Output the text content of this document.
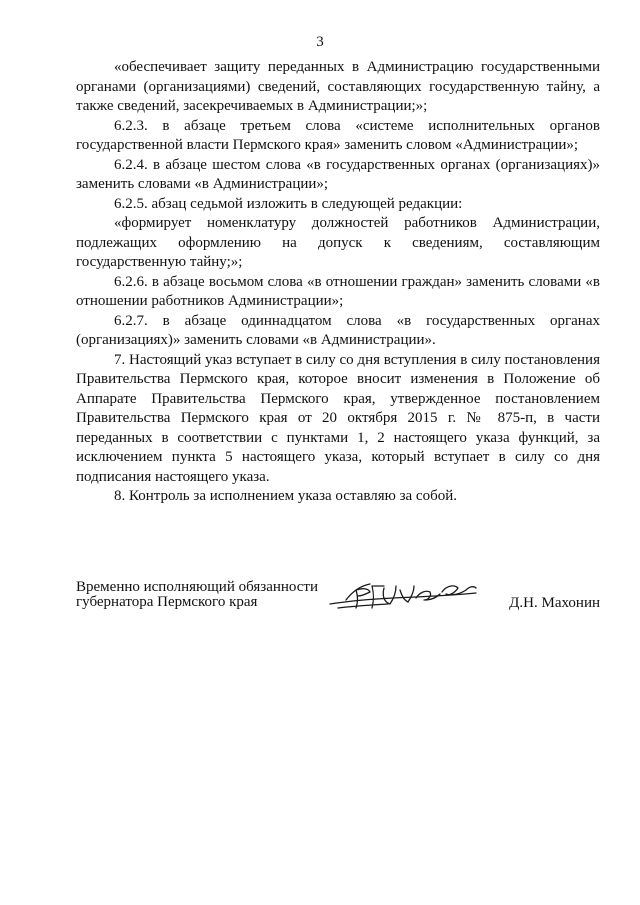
3

«обеспечивает защиту переданных в Администрацию государственными органами (организациями) сведений, составляющих государственную тайну, а также сведений, засекречиваемых в Администрации;»;

6.2.3. в абзаце третьем слова «системе исполнительных органов государственной власти Пермского края» заменить словом «Администрации»;

6.2.4. в абзаце шестом слова «в государственных органах (организациях)» заменить словами «в Администрации»;

6.2.5. абзац седьмой изложить в следующей редакции:

«формирует номенклатуру должностей работников Администрации, подлежащих оформлению на допуск к сведениям, составляющим государственную тайну;»;

6.2.6. в абзаце восьмом слова «в отношении граждан» заменить словами «в отношении работников Администрации»;

6.2.7. в абзаце одиннадцатом слова «в государственных органах (организациях)» заменить словами «в Администрации».

7. Настоящий указ вступает в силу со дня вступления в силу постановления Правительства Пермского края, которое вносит изменения в Положение об Аппарате Правительства Пермского края, утвержденное постановлением Правительства Пермского края от 20 октября 2015 г. № 875-п, в части переданных в соответствии с пунктами 1, 2 настоящего указа функций, за исключением пункта 5 настоящего указа, который вступает в силу со дня подписания настоящего указа.

8. Контроль за исполнением указа оставляю за собой.

Временно исполняющий обязанности
губернатора Пермского края	Д.Н. Махонин
